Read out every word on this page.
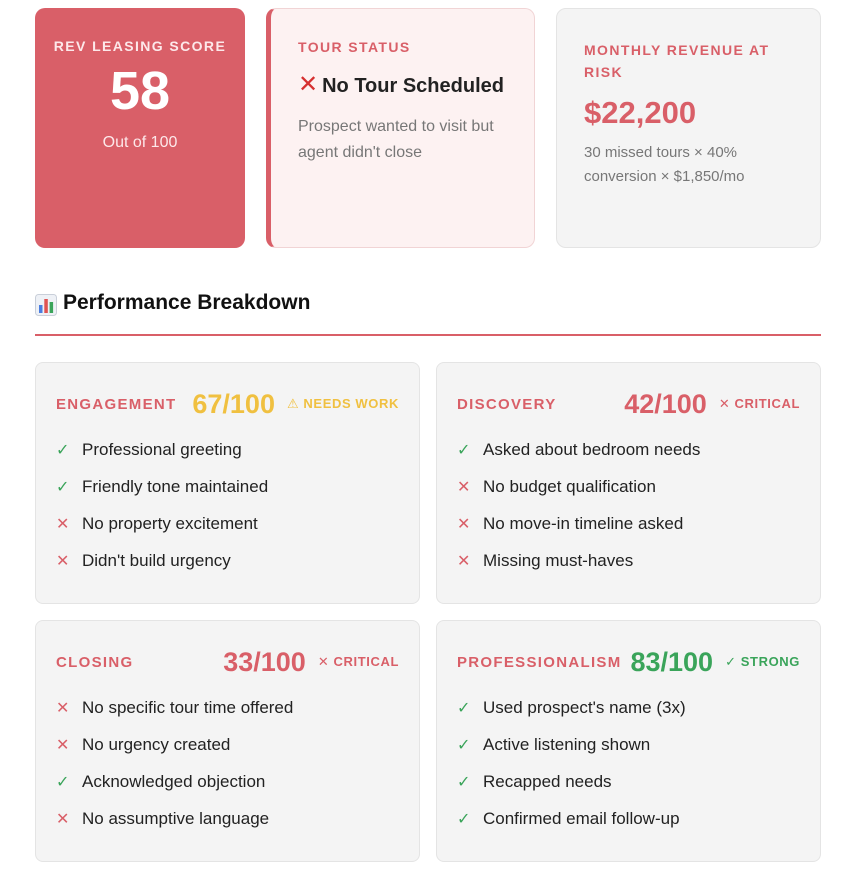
REV LEASING SCORE
58
Out of 100
TOUR STATUS
✕ No Tour Scheduled
Prospect wanted to visit but agent didn't close
MONTHLY REVENUE AT RISK
$22,200
30 missed tours × 40% conversion × $1,850/mo
Performance Breakdown
ENGAGEMENT 67/100 ⚠ NEEDS WORK
✓ Professional greeting
✓ Friendly tone maintained
✕ No property excitement
✕ Didn't build urgency
DISCOVERY	42/100 ✕ CRITICAL
✓ Asked about bedroom needs
✕ No budget qualification
✕ No move-in timeline asked
✕ Missing must-haves
CLOSING	33/100 ✕ CRITICAL
✕ No specific tour time offered
✕ No urgency created
✓ Acknowledged objection
✕ No assumptive language
PROFESSIONALISM 83/100 ✓ STRONG
✓ Used prospect's name (3x)
✓ Active listening shown
✓ Recapped needs
✓ Confirmed email follow-up
